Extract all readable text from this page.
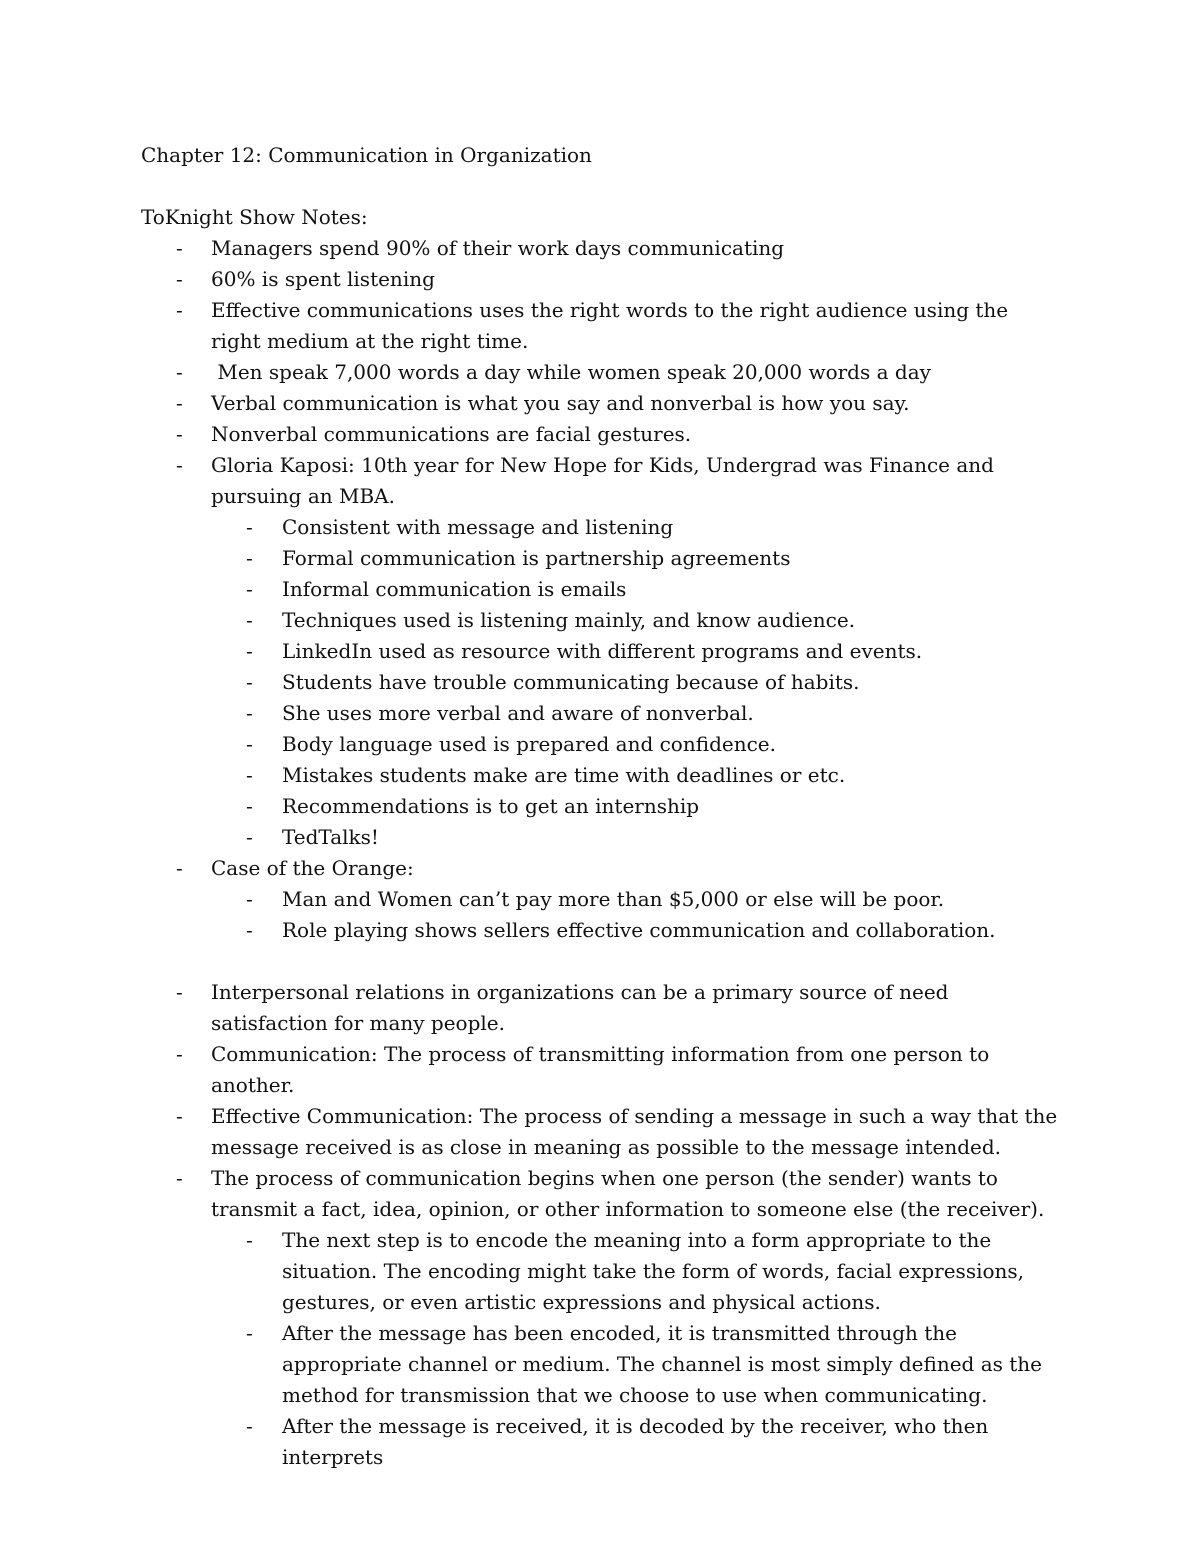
Chapter 12: Communication in Organization

ToKnight Show Notes:

- Managers spend 90% of their work days communicating
- 60% is spent listening
- Effective communications uses the right words to the right audience using the right medium at the right time.
- Men speak 7,000 words a day while women speak 20,000 words a day
- Verbal communication is what you say and nonverbal is how you say.
- Nonverbal communications are facial gestures.
- Gloria Kaposi: 10th year for New Hope for Kids, Undergrad was Finance and pursuing an MBA.
- Consistent with message and listening
- Formal communication is partnership agreements
- Informal communication is emails
- Techniques used is listening mainly, and know audience.
- LinkedIn used as resource with different programs and events.
- Students have trouble communicating because of habits.
- She uses more verbal and aware of nonverbal.
- Body language used is prepared and confidence.
- Mistakes students make are time with deadlines or etc.
- Recommendations is to get an internship
- TedTalks!
- Case of the Orange:
- Man and Women can’t pay more than $5,000 or else will be poor.
- Role playing shows sellers effective communication and collaboration.
- Interpersonal relations in organizations can be a primary source of need satisfaction for many people.
- Communication: The process of transmitting information from one person to another.
- Effective Communication: The process of sending a message in such a way that the message received is as close in meaning as possible to the message intended.
- The process of communication begins when one person (the sender) wants to transmit a fact, idea, opinion, or other information to someone else (the receiver).
- The next step is to encode the meaning into a form appropriate to the situation. The encoding might take the form of words, facial expressions, gestures, or even artistic expressions and physical actions.
- After the message has been encoded, it is transmitted through the appropriate channel or medium. The channel is most simply defined as the method for transmission that we choose to use when communicating.
- After the message is received, it is decoded by the receiver, who then interprets
